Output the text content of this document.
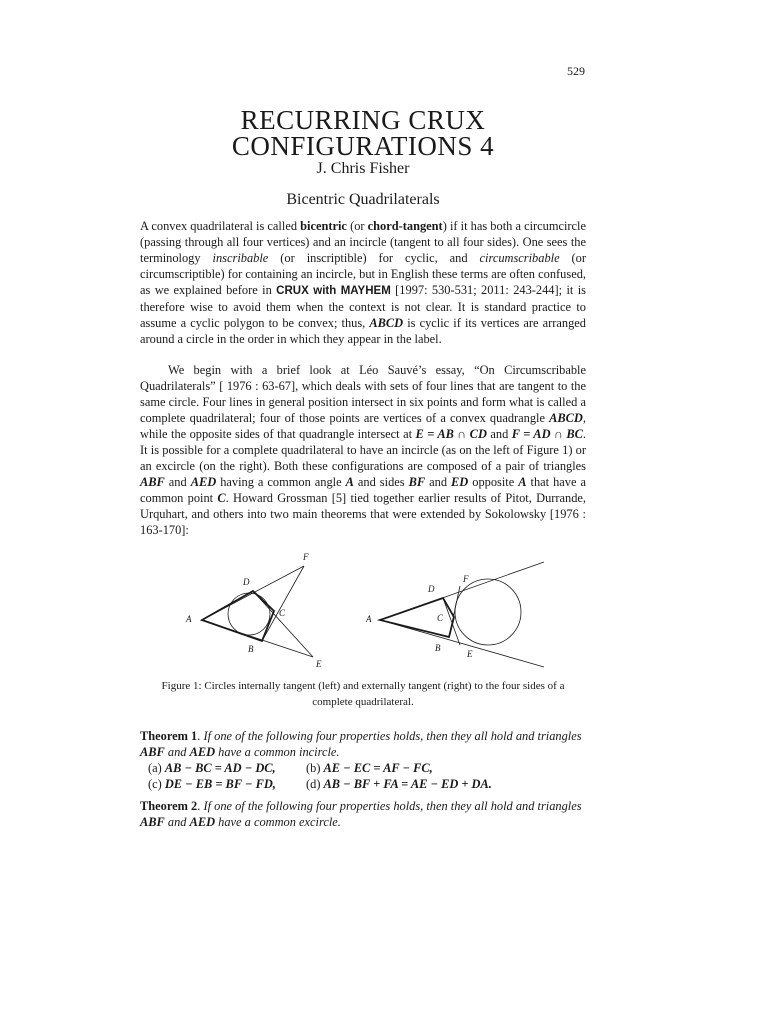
529
RECURRING CRUX
CONFIGURATIONS 4
J. Chris Fisher
Bicentric Quadrilaterals

A convex quadrilateral is called bicentric (or chord-tangent) if it has both a circumcircle (passing through all four vertices) and an incircle (tangent to all four sides). One sees the terminology inscribable (or inscriptible) for cyclic, and circumscribable (or circumscriptible) for containing an incircle, but in English these terms are often confused, as we explained before in CRUX with MAYHEM [1997: 530-531; 2011: 243-244]; it is therefore wise to avoid them when the context is not clear. It is standard practice to assume a cyclic polygon to be convex; thus, ABCD is cyclic if its vertices are arranged around a circle in the order in which they appear in the label.

We begin with a brief look at Léo Sauvé’s essay, “On Circumscribable Quadrilaterals” [ 1976 : 63-67], which deals with sets of four lines that are tangent to the same circle. Four lines in general position intersect in six points and form what is called a complete quadrilateral; four of those points are vertices of a convex quadrangle ABCD, while the opposite sides of that quadrangle intersect at E = AB ∩ CD and F = AD ∩ BC. It is possible for a complete quadrilateral to have an incircle (as on the left of Figure 1) or an excircle (on the right). Both these configurations are composed of a pair of triangles ABF and AED having a common angle A and sides BF and ED opposite A that have a common point C. Howard Grossman [5] tied together earlier results of Pitot, Durrande, Urquhart, and others into two main theorems that were extended by Sokolowsky [1976 : 163-170]:

A
D
C
B
E
F
A
D
C
B
E
F

Figure 1: Circles internally tangent (left) and externally tangent (right) to the four sides of a complete quadrilateral.

Theorem 1. If one of the following four properties holds, then they all hold and triangles ABF and AED have a common incircle.

(a) AB − BC = AD − DC, (b) AE − EC = AF − FC,
(c) DE − EB = BF − FD, (d) AB − BF + FA = AE − ED + DA.

Theorem 2. If one of the following four properties holds, then they all hold and triangles ABF and AED have a common excircle.
